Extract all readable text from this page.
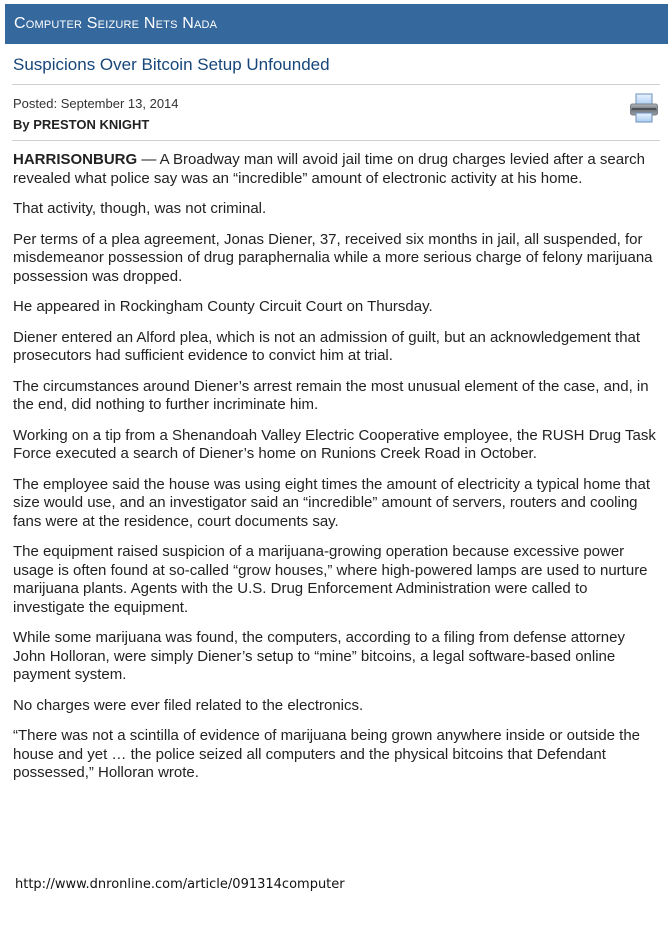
Computer Seizure Nets Nada
Suspicions Over Bitcoin Setup Unfounded
Posted: September 13, 2014
By PRESTON KNIGHT

HARRISONBURG — A Broadway man will avoid jail time on drug charges levied after a search revealed what police say was an “incredible” amount of electronic activity at his home.

That activity, though, was not criminal.

Per terms of a plea agreement, Jonas Diener, 37, received six months in jail, all suspended, for misdemeanor possession of drug paraphernalia while a more serious charge of felony marijuana possession was dropped.

He appeared in Rockingham County Circuit Court on Thursday.

Diener entered an Alford plea, which is not an admission of guilt, but an acknowledgement that prosecutors had sufficient evidence to convict him at trial.

The circumstances around Diener’s arrest remain the most unusual element of the case, and, in the end, did nothing to further incriminate him.

Working on a tip from a Shenandoah Valley Electric Cooperative employee, the RUSH Drug Task Force executed a search of Diener’s home on Runions Creek Road in October.

The employee said the house was using eight times the amount of electricity a typical home that size would use, and an investigator said an “incredible” amount of servers, routers and cooling fans were at the residence, court documents say.

The equipment raised suspicion of a marijuana-growing operation because excessive power usage is often found at so-called “grow houses,” where high-powered lamps are used to nurture marijuana plants. Agents with the U.S. Drug Enforcement Administration were called to investigate the equipment.

While some marijuana was found, the computers, according to a filing from defense attorney John Holloran, were simply Diener’s setup to “mine” bitcoins, a legal software-based online payment system.

No charges were ever filed related to the electronics.

“There was not a scintilla of evidence of marijuana being grown anywhere inside or outside the house and yet … the police seized all computers and the physical bitcoins that Defendant possessed,” Holloran wrote.

http://www.dnronline.com/article/091314computer
